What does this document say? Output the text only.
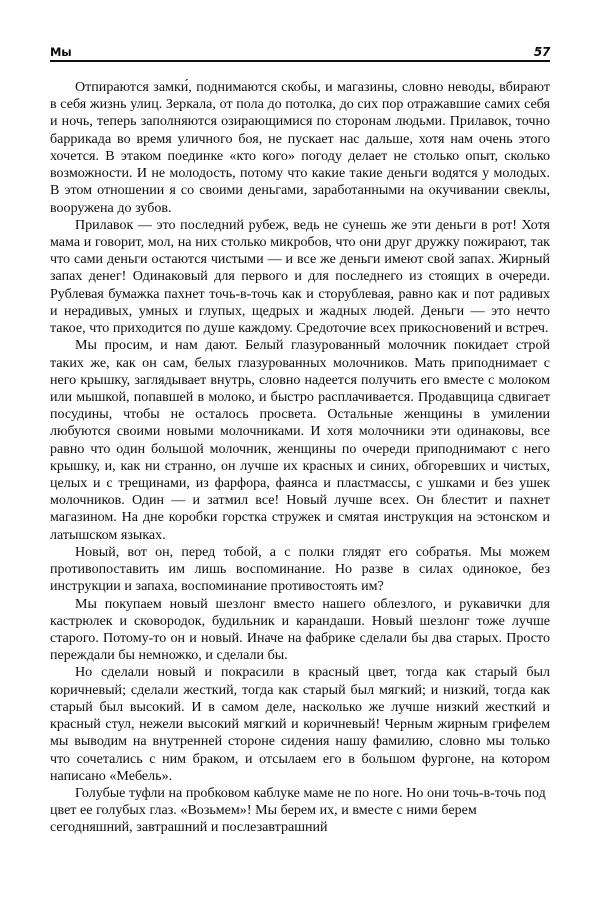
Мы	57

Отпираются замки́, поднимаются скобы, и магазины, словно неводы, вбирают в себя жизнь улиц. Зеркала, от пола до потолка, до сих пор отражавшие самих себя и ночь, теперь заполняются озирающимися по сторонам людьми. Прилавок, точно баррикада во время уличного боя, не пускает нас дальше, хотя нам очень этого хочется. В этаком поединке «кто кого» погоду делает не столько опыт, сколько возможности. И не молодость, потому что какие такие деньги водятся у молодых. В этом отношении я со своими деньгами, заработанными на окучивании свеклы, вооружена до зубов.

Прилавок — это последний рубеж, ведь не сунешь же эти деньги в рот! Хотя мама и говорит, мол, на них столько микробов, что они друг дружку пожирают, так что сами деньги остаются чистыми — и все же деньги имеют свой запах. Жирный запах денег! Одинаковый для первого и для последнего из стоящих в очереди. Рублевая бумажка пахнет точь-в-точь как и сторублевая, равно как и пот радивых и нерадивых, умных и глупых, щедрых и жадных людей. Деньги — это нечто такое, что приходится по душе каждому. Средоточие всех прикосновений и встреч.

Мы просим, и нам дают. Белый глазурованный молочник покидает строй таких же, как он сам, белых глазурованных молочников. Мать приподнимает с него крышку, заглядывает внутрь, словно надеется получить его вместе с молоком или мышкой, попавшей в молоко, и быстро расплачивается. Продавщица сдвигает посудины, чтобы не осталось просвета. Остальные женщины в умилении любуются своими новыми молочниками. И хотя молочники эти одинаковы, все равно что один большой молочник, женщины по очереди приподнимают с него крышку, и, как ни странно, он лучше их красных и синих, обгоревших и чистых, целых и с трещинами, из фарфора, фаянса и пластмассы, с ушками и без ушек молочников. Один — и затмил все! Новый лучше всех. Он блестит и пахнет магазином. На дне коробки горстка стружек и смятая инструкция на эстонском и латышском языках.

Новый, вот он, перед тобой, а с полки глядят его собратья. Мы можем противопоставить им лишь воспоминание. Но разве в силах одинокое, без инструкции и запаха, воспоминание противостоять им?

Мы покупаем новый шезлонг вместо нашего облезлого, и рукавички для кастрюлек и сковородок, будильник и карандаши. Новый шезлонг тоже лучше старого. Потому-то он и новый. Иначе на фабрике сделали бы два старых. Просто переждали бы немножко, и сделали бы.

Но сделали новый и покрасили в красный цвет, тогда как старый был коричневый; сделали жесткий, тогда как старый был мягкий; и низкий, тогда как старый был высокий. И в самом деле, насколько же лучше низкий жесткий и красный стул, нежели высокий мягкий и коричневый! Черным жирным грифелем мы выводим на внутренней стороне сидения нашу фамилию, словно мы только что сочетались с ним браком, и отсылаем его в большом фургоне, на котором написано «Мебель».

Голубые туфли на пробковом каблуке маме не по ноге. Но они точь-в-точь под цвет ее голубых глаз. «Возьмем»! Мы берем их, и вместе с ними берем сегодняшний, завтрашний и послезавтрашний
